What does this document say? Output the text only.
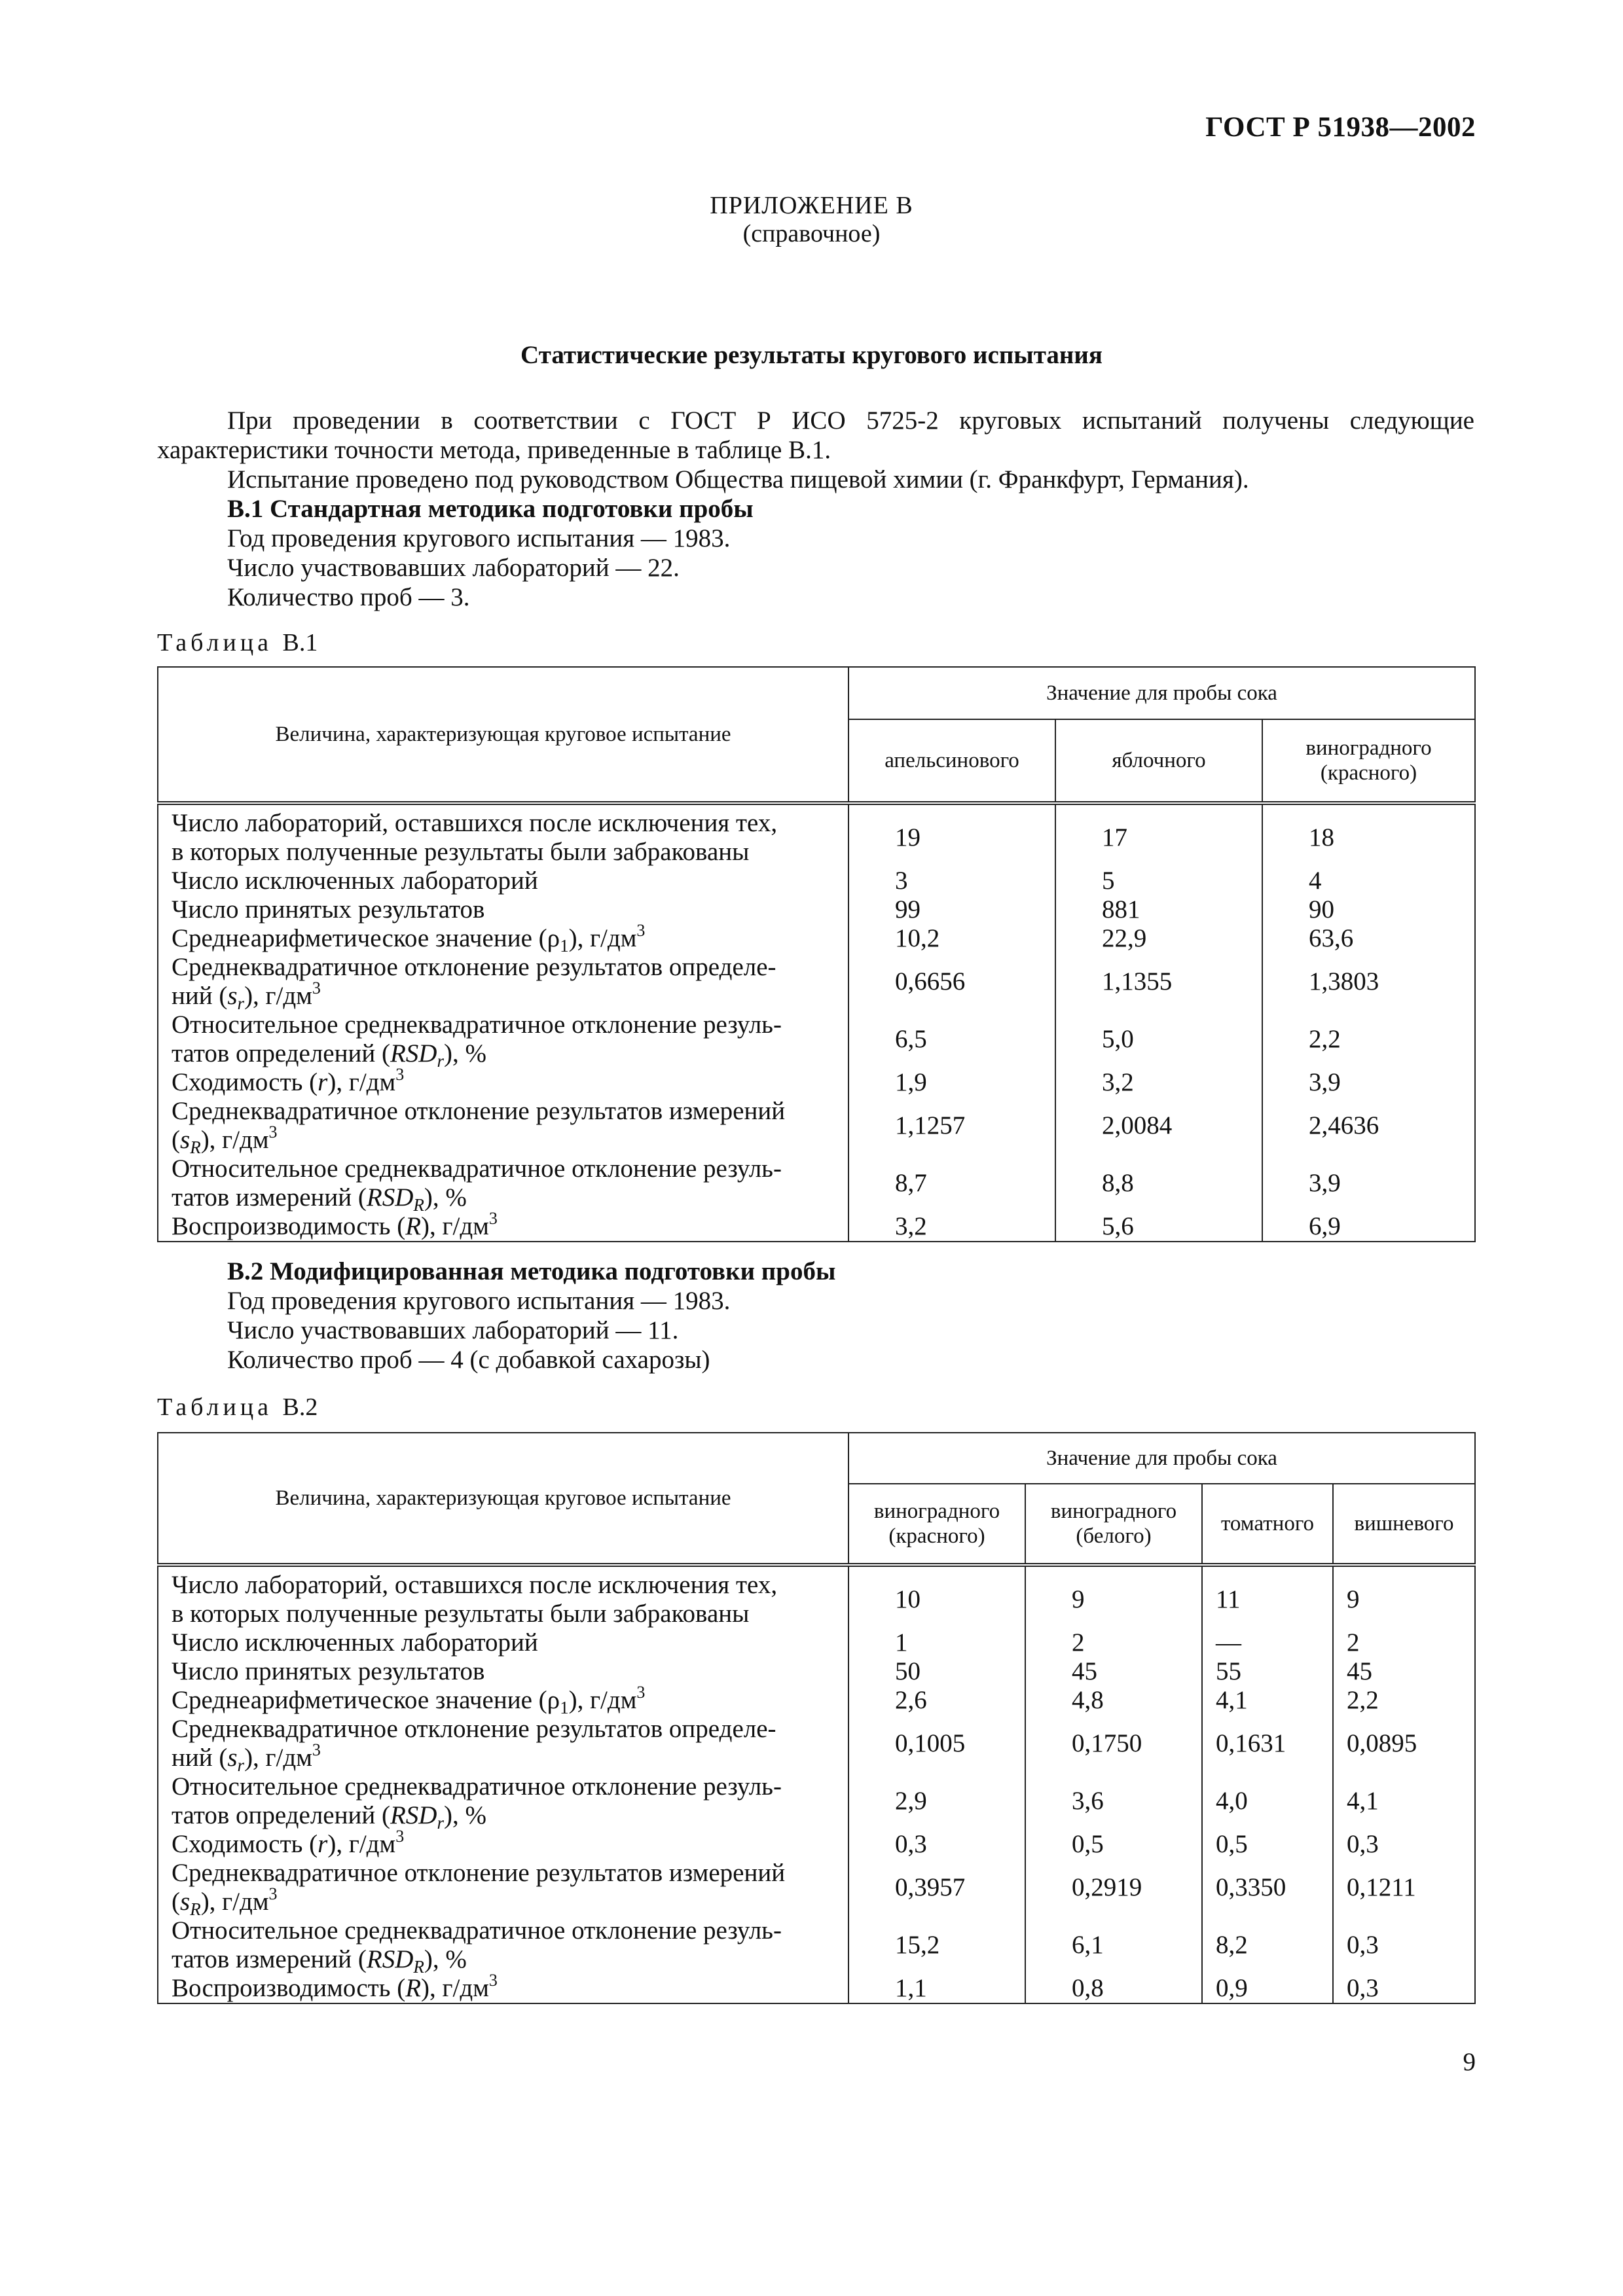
ГОСТ Р 51938—2002
ПРИЛОЖЕНИЕ В
(справочное)
Статистические результаты кругового испытания
При проведении в соответствии с ГОСТ Р ИСО 5725-2 круговых испытаний получены следующие характеристики точности метода, приведенные в таблице В.1.
Испытание проведено под руководством Общества пищевой химии (г. Франкфурт, Германия).
В.1 Стандартная методика подготовки пробы
Год проведения кругового испытания — 1983.
Число участвовавших лабораторий — 22.
Количество проб — 3.
Таблица В.1
Величина, характеризующая круговое испытание	Значение для пробы сока		
	апельсинового	яблочного	виноградного (красного)

Число лабораторий, оставшихся после исключения тех,
в которых полученные результаты были забракованы	19	17	18
Число исключенных лабораторий	3	5	4
Число принятых результатов	99	881	90
Среднеарифметическое значение $(\rho_1)$, $г/дм^3$	10,2	22,9	63,6
Среднеквадратичное отклонение результатов определе-
ний $(s_r)$, $г/дм^3$	0,6656	1,1355	1,3803
Относительное среднеквадратичное отклонение резуль-
татов определений $(RSD_r)$, %	6,5	5,0	2,2
Сходимость (r), $г/дм^3$	1,9	3,2	3,9
Среднеквадратичное отклонение результатов измерений
$(s_R)$, $г/дм^3$	1,1257	2,0084	2,4636
Относительное среднеквадратичное отклонение резуль-
татов измерений $(RSD_R)$, %	8,7	8,8	3,9
Воспроизводимость (R), $г/дм^3$	3,2	5,6	6,9
В.2 Модифицированная методика подготовки пробы
Год проведения кругового испытания — 1983.
Число участвовавших лабораторий — 11.
Количество проб — 4 (с добавкой сахарозы)
Таблица В.2
Величина, характеризующая круговое испытание	Значение для пробы сока			
	виноградного (красного)	виноградного (белого)	томатного	вишневого

Число лабораторий, оставшихся после исключения тех,
в которых полученные результаты были забракованы	10	9	11	9
Число исключенных лабораторий	1	2	—	2
Число принятых результатов	50	45	55	45
Среднеарифметическое значение $(\rho_1)$, $г/дм^3$	2,6	4,8	4,1	2,2
Среднеквадратичное отклонение результатов определе-
ний $(s_r)$, $г/дм^3$	0,1005	0,1750	0,1631	0,0895
Относительное среднеквадратичное отклонение резуль-
татов определений $(RSD_r)$, %	2,9	3,6	4,0	4,1
Сходимость (r), $г/дм^3$	0,3	0,5	0,5	0,3
Среднеквадратичное отклонение результатов измерений
$(s_R)$, $г/дм^3$	0,3957	0,2919	0,3350	0,1211
Относительное среднеквадратичное отклонение резуль-
татов измерений $(RSD_R)$, %	15,2	6,1	8,2	0,3
Воспроизводимость (R), $г/дм^3$	1,1	0,8	0,9	0,3
9
